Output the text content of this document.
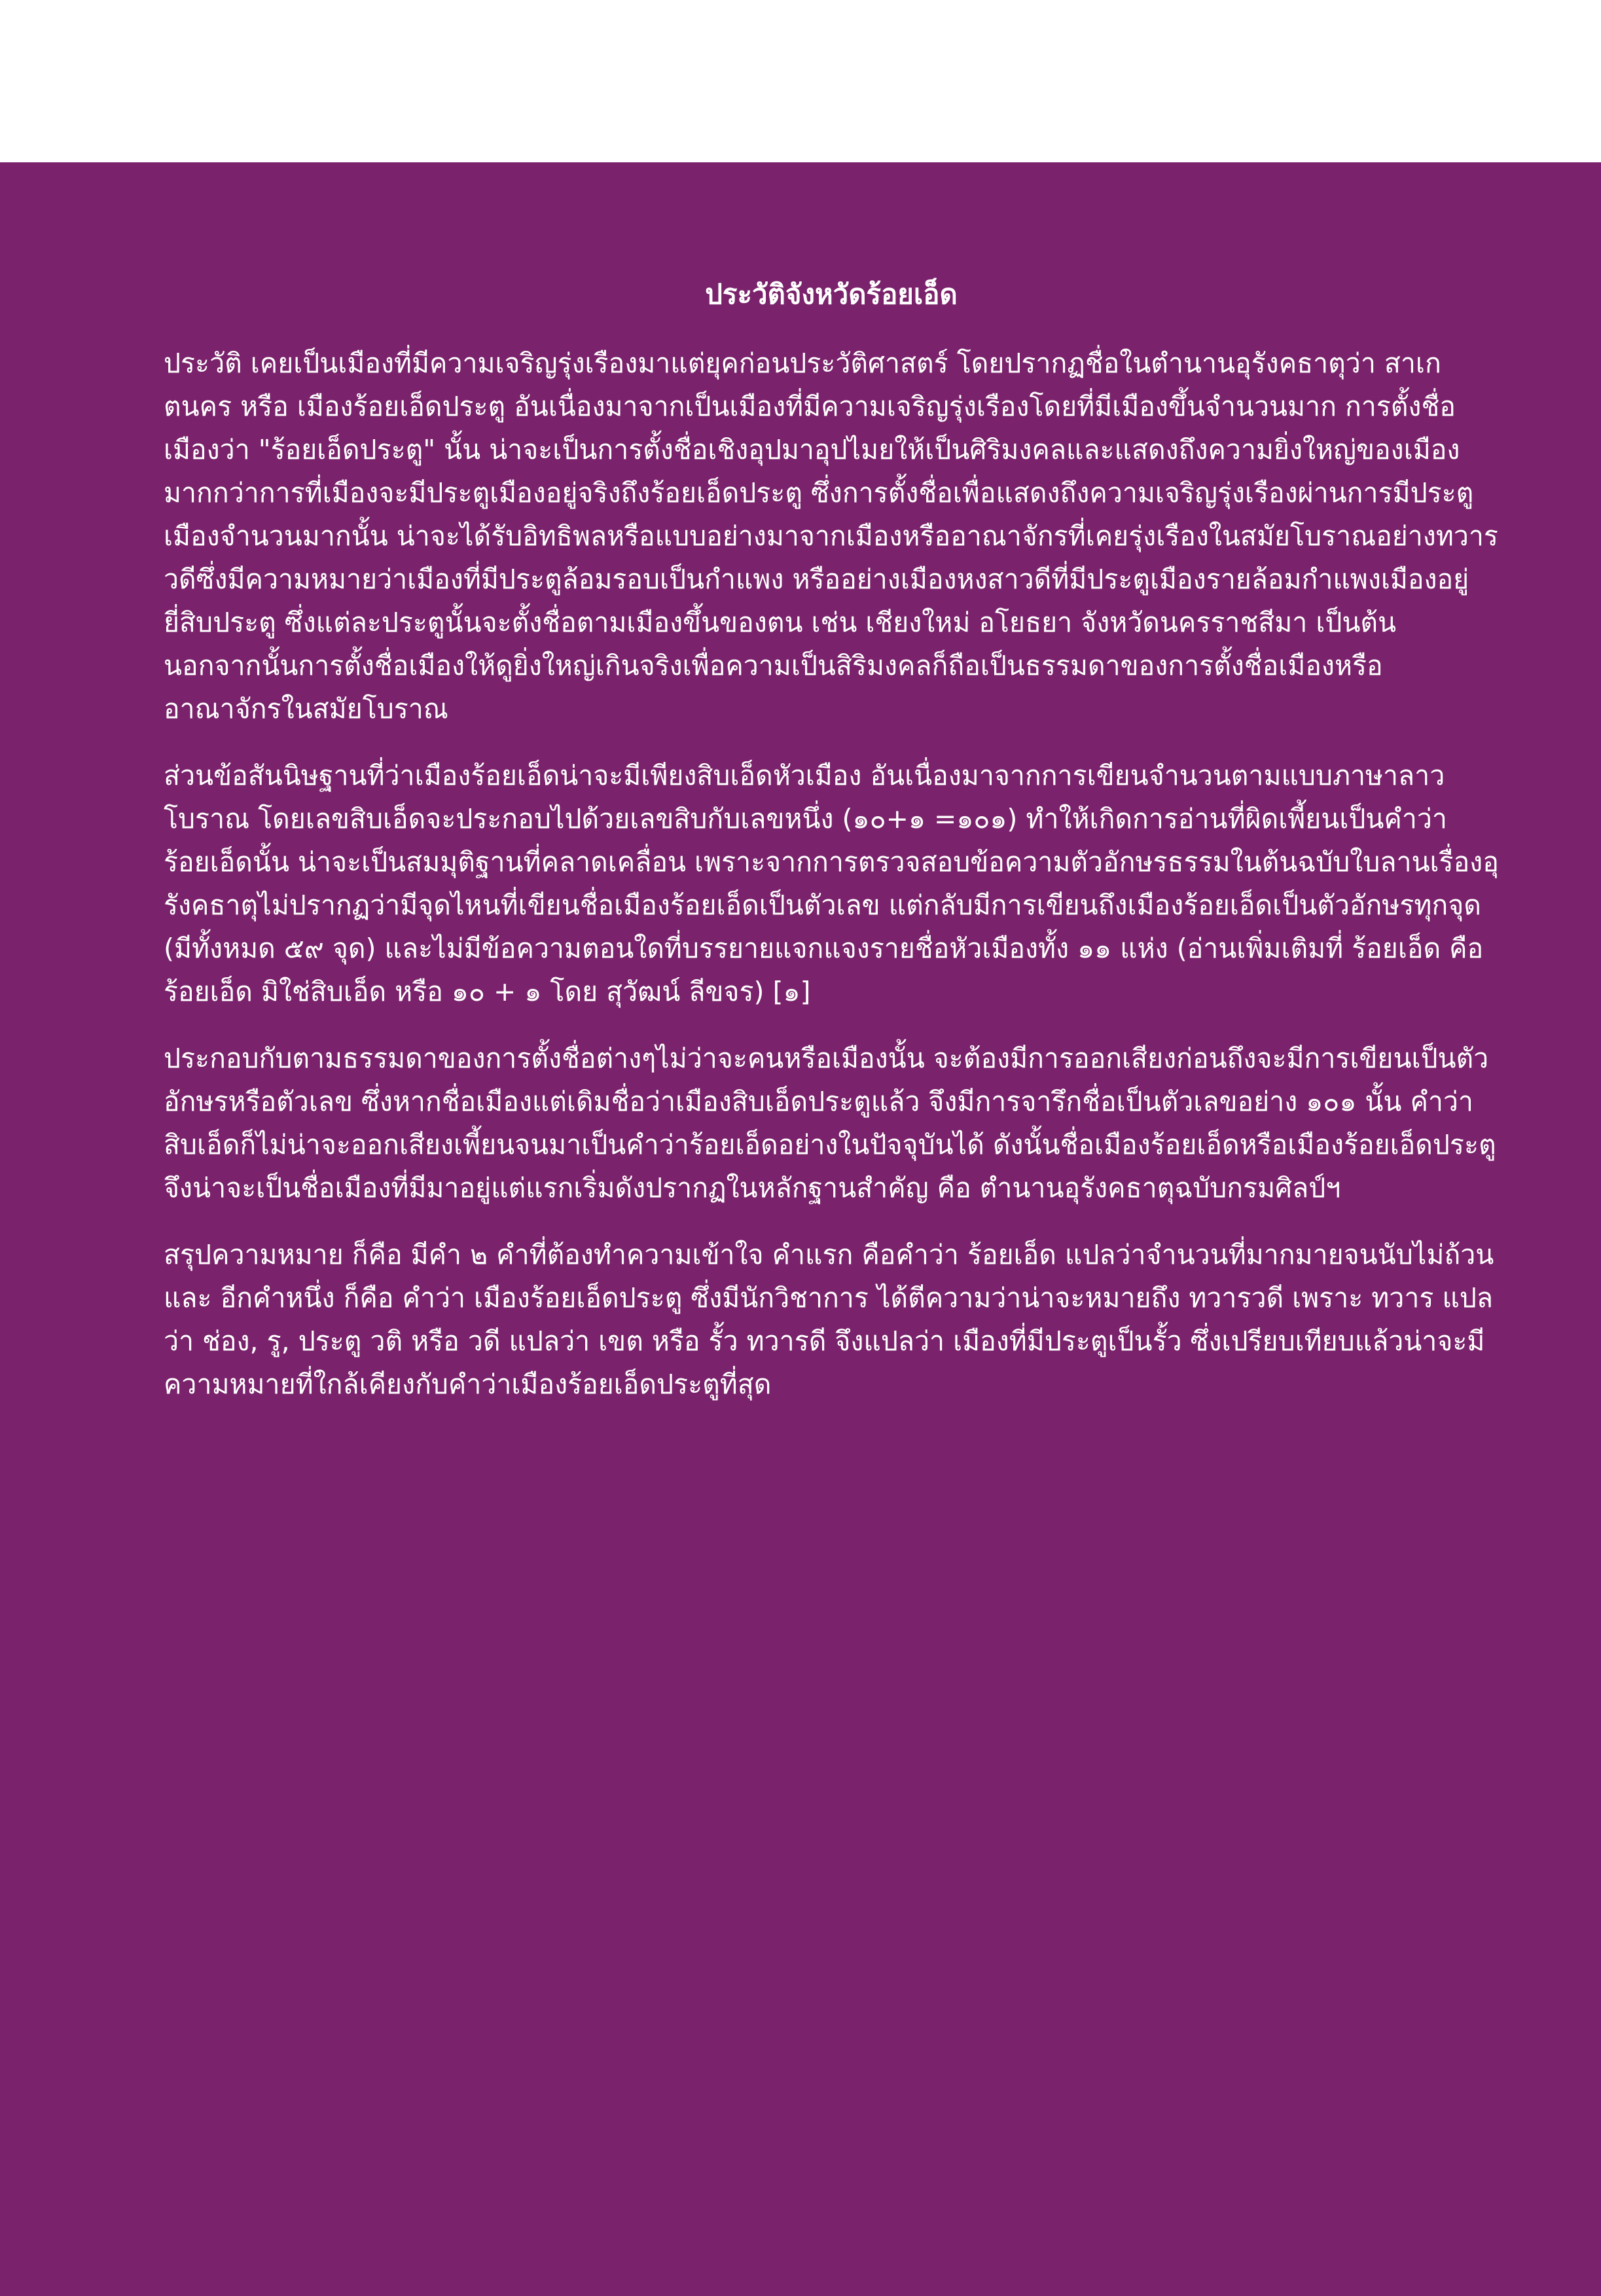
ประวัติจังหวัดร้อยเอ็ด

ประวัติ เคยเป็นเมืองที่มีความเจริญรุ่งเรืองมาแต่ยุคก่อนประวัติศาสตร์ โดยปรากฏชื่อในตำนานอุรังคธาตุว่า สาเกตนคร หรือ เมืองร้อยเอ็ดประตู อันเนื่องมาจากเป็นเมืองที่มีความเจริญรุ่งเรืองโดยที่มีเมืองขึ้นจำนวนมาก การตั้งชื่อเมืองว่า "ร้อยเอ็ดประตู" นั้น น่าจะเป็นการตั้งชื่อเชิงอุปมาอุปไมยให้เป็นศิริมงคลและแสดงถึงความยิ่งใหญ่ของเมืองมากกว่าการที่เมืองจะมีประตูเมืองอยู่จริงถึงร้อยเอ็ดประตู ซึ่งการตั้งชื่อเพื่อแสดงถึงความเจริญรุ่งเรืองผ่านการมีประตูเมืองจำนวนมากนั้น น่าจะได้รับอิทธิพลหรือแบบอย่างมาจากเมืองหรืออาณาจักรที่เคยรุ่งเรืองในสมัยโบราณอย่างทวารวดีซึ่งมีความหมายว่าเมืองที่มีประตูล้อมรอบเป็นกำแพง หรืออย่างเมืองหงสาวดีที่มีประตูเมืองรายล้อมกำแพงเมืองอยู่ยี่สิบประตู ซึ่งแต่ละประตูนั้นจะตั้งชื่อตามเมืองขึ้นของตน เช่น เชียงใหม่ อโยธยา จังหวัดนครราชสีมา เป็นต้น นอกจากนั้นการตั้งชื่อเมืองให้ดูยิ่งใหญ่เกินจริงเพื่อความเป็นสิริมงคลก็ถือเป็นธรรมดาของการตั้งชื่อเมืองหรืออาณาจักรในสมัยโบราณ

ส่วนข้อสันนิษฐานที่ว่าเมืองร้อยเอ็ดน่าจะมีเพียงสิบเอ็ดหัวเมือง อันเนื่องมาจากการเขียนจำนวนตามแบบภาษาลาวโบราณ โดยเลขสิบเอ็ดจะประกอบไปด้วยเลขสิบกับเลขหนึ่ง (๑๐+๑ =๑๐๑) ทำให้เกิดการอ่านที่ผิดเพี้ยนเป็นคำว่าร้อยเอ็ดนั้น น่าจะเป็นสมมุติฐานที่คลาดเคลื่อน เพราะจากการตรวจสอบข้อความตัวอักษรธรรมในต้นฉบับใบลานเรื่องอุรังคธาตุไม่ปรากฏว่ามีจุดไหนที่เขียนชื่อเมืองร้อยเอ็ดเป็นตัวเลข แต่กลับมีการเขียนถึงเมืองร้อยเอ็ดเป็นตัวอักษรทุกจุด (มีทั้งหมด ๕๙ จุด) และไม่มีข้อความตอนใดที่บรรยายแจกแจงรายชื่อหัวเมืองทั้ง ๑๑ แห่ง (อ่านเพิ่มเติมที่ ร้อยเอ็ด คือ ร้อยเอ็ด มิใช่สิบเอ็ด หรือ ๑๐ + ๑ โดย สุวัฒน์ ลีขจร) [๑]

ประกอบกับตามธรรมดาของการตั้งชื่อต่างๆไม่ว่าจะคนหรือเมืองนั้น จะต้องมีการออกเสียงก่อนถึงจะมีการเขียนเป็นตัวอักษรหรือตัวเลข ซึ่งหากชื่อเมืองแต่เดิมชื่อว่าเมืองสิบเอ็ดประตูแล้ว จึงมีการจารึกชื่อเป็นตัวเลขอย่าง ๑๐๑ นั้น คำว่าสิบเอ็ดก็ไม่น่าจะออกเสียงเพี้ยนจนมาเป็นคำว่าร้อยเอ็ดอย่างในปัจจุบันได้ ดังนั้นชื่อเมืองร้อยเอ็ดหรือเมืองร้อยเอ็ดประตูจึงน่าจะเป็นชื่อเมืองที่มีมาอยู่แต่แรกเริ่มดังปรากฏในหลักฐานสำคัญ คือ ตำนานอุรังคธาตุฉบับกรมศิลป์ฯ

สรุปความหมาย ก็คือ มีคำ ๒ คำที่ต้องทำความเข้าใจ คำแรก คือคำว่า ร้อยเอ็ด แปลว่าจำนวนที่มากมายจนนับไม่ถ้วน และ อีกคำหนึ่ง ก็คือ คำว่า เมืองร้อยเอ็ดประตู ซึ่งมีนักวิชาการ ได้ตีความว่าน่าจะหมายถึง ทวารวดี เพราะ ทวาร แปลว่า ช่อง, รู, ประตู วติ หรือ วดี แปลว่า เขต หรือ รั้ว ทวารดี จึงแปลว่า เมืองที่มีประตูเป็นรั้ว ซึ่งเปรียบเทียบแล้วน่าจะมีความหมายที่ใกล้เคียงกับคำว่าเมืองร้อยเอ็ดประตูที่สุด
